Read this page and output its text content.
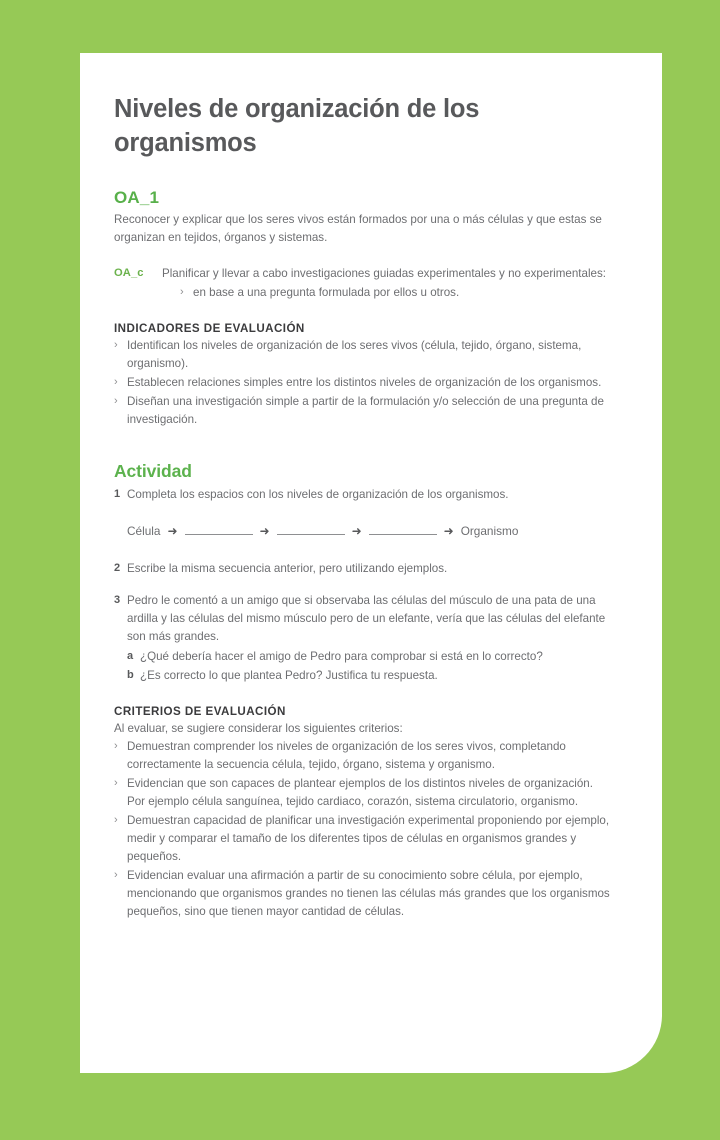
Niveles de organización de los organismos
OA_1

Reconocer y explicar que los seres vivos están formados por una o más células y que estas se organizan en tejidos, órganos y sistemas.

OA_c	Planificar y llevar a cabo investigaciones guiadas experimentales y no experimentales:
› en base a una pregunta formulada por ellos u otros.
INDICADORES DE EVALUACIÓN
› Identifican los niveles de organización de los seres vivos (célula, tejido, órgano, sistema, organismo).
› Establecen relaciones simples entre los distintos niveles de organización de los organismos.
› Diseñan una investigación simple a partir de la formulación y/o selección de una pregunta de investigación.
Actividad
1 Completa los espacios con los niveles de organización de los organismos.
Célula ➜	➜	➜	➜ Organismo
2 Escribe la misma secuencia anterior, pero utilizando ejemplos.
3 Pedro le comentó a un amigo que si observaba las células del músculo de una pata de una ardilla y las células del mismo músculo pero de un elefante, vería que las células del elefante son más grandes.
a ¿Qué debería hacer el amigo de Pedro para comprobar si está en lo correcto?
b ¿Es correcto lo que plantea Pedro? Justifica tu respuesta.
CRITERIOS DE EVALUACIÓN

Al evaluar, se sugiere considerar los siguientes criterios:

› Demuestran comprender los niveles de organización de los seres vivos, completando correctamente la secuencia célula, tejido, órgano, sistema y organismo.
› Evidencian que son capaces de plantear ejemplos de los distintos niveles de organización. Por ejemplo célula sanguínea, tejido cardiaco, corazón, sistema circulatorio, organismo.
› Demuestran capacidad de planificar una investigación experimental proponiendo por ejemplo, medir y comparar el tamaño de los diferentes tipos de células en organismos grandes y pequeños.
› Evidencian evaluar una afirmación a partir de su conocimiento sobre célula, por ejemplo, mencionando que organismos grandes no tienen las células más grandes que los organismos pequeños, sino que tienen mayor cantidad de células.
